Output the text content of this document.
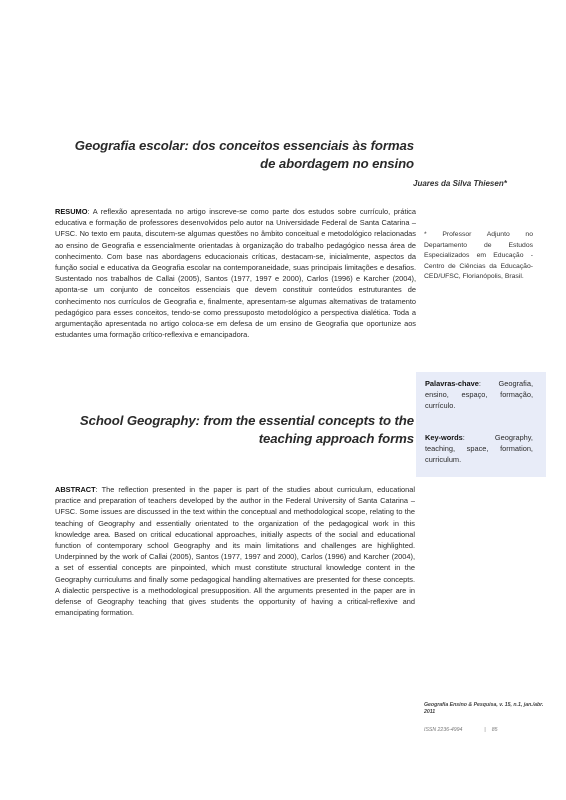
Geografia escolar: dos conceitos essenciais às formas de abordagem no ensino
Juares da Silva Thiesen*
RESUMO: A reflexão apresentada no artigo inscreve-se como parte dos estudos sobre currículo, prática educativa e formação de professores desenvolvidos pelo autor na Universidade Federal de Santa Catarina – UFSC. No texto em pauta, discutem-se algumas questões no âmbito conceitual e metodológico relacionadas ao ensino de Geografia e essencialmente orientadas à organização do trabalho pedagógico nessa área de conhecimento. Com base nas abordagens educacionais críticas, destacam-se, inicialmente, aspectos da função social e educativa da Geografia escolar na contemporaneidade, suas principais limitações e desafios. Sustentado nos trabalhos de Callai (2005), Santos (1977, 1997 e 2000), Carlos (1996) e Karcher (2004), aponta-se um conjunto de conceitos essenciais que devem constituir conteúdos estruturantes de conhecimento nos currículos de Geografia e, finalmente, apresentam-se algumas alternativas de tratamento pedagógico para esses conceitos, tendo-se como pressuposto metodológico a perspectiva dialética. Toda a argumentação apresentada no artigo coloca-se em defesa de um ensino de Geografia que oportunize aos estudantes uma formação crítico-reflexiva e emancipadora.
* Professor Adjunto no Departamento de Estudos Especializados em Educação - Centro de Ciências da Educação-CED/UFSC, Florianópolis, Brasil.
Palavras-chave: Geografia, ensino, espaço, formação, currículo.
Key-words: Geography, teaching, space, formation, curriculum.
School Geography: from the essential concepts to the teaching approach forms
ABSTRACT: The reflection presented in the paper is part of the studies about curriculum, educational practice and preparation of teachers developed by the author in the Federal University of Santa Catarina – UFSC. Some issues are discussed in the text within the conceptual and methodological scope, relating to the teaching of Geography and essentially orientated to the organization of the pedagogical work in this knowledge area. Based on critical educational approaches, initially aspects of the social and educational function of contemporary school Geography and its main limitations and challenges are highlighted. Underpinned by the work of Callai (2005), Santos (1977, 1997 and 2000), Carlos (1996) and Karcher (2004), a set of essential concepts are pinpointed, which must constitute structural knowledge content in the Geography curriculums and finally some pedagogical handling alternatives are presented for these concepts. A dialectic perspective is a methodological presupposition. All the arguments presented in the paper are in defense of Geography teaching that gives students the opportunity of having a critical-reflexive and emancipating formation.
Geografia Ensino & Pesquisa, v. 15, n.1, jan./abr. 2011
ISSN 2236-4994	| 85
